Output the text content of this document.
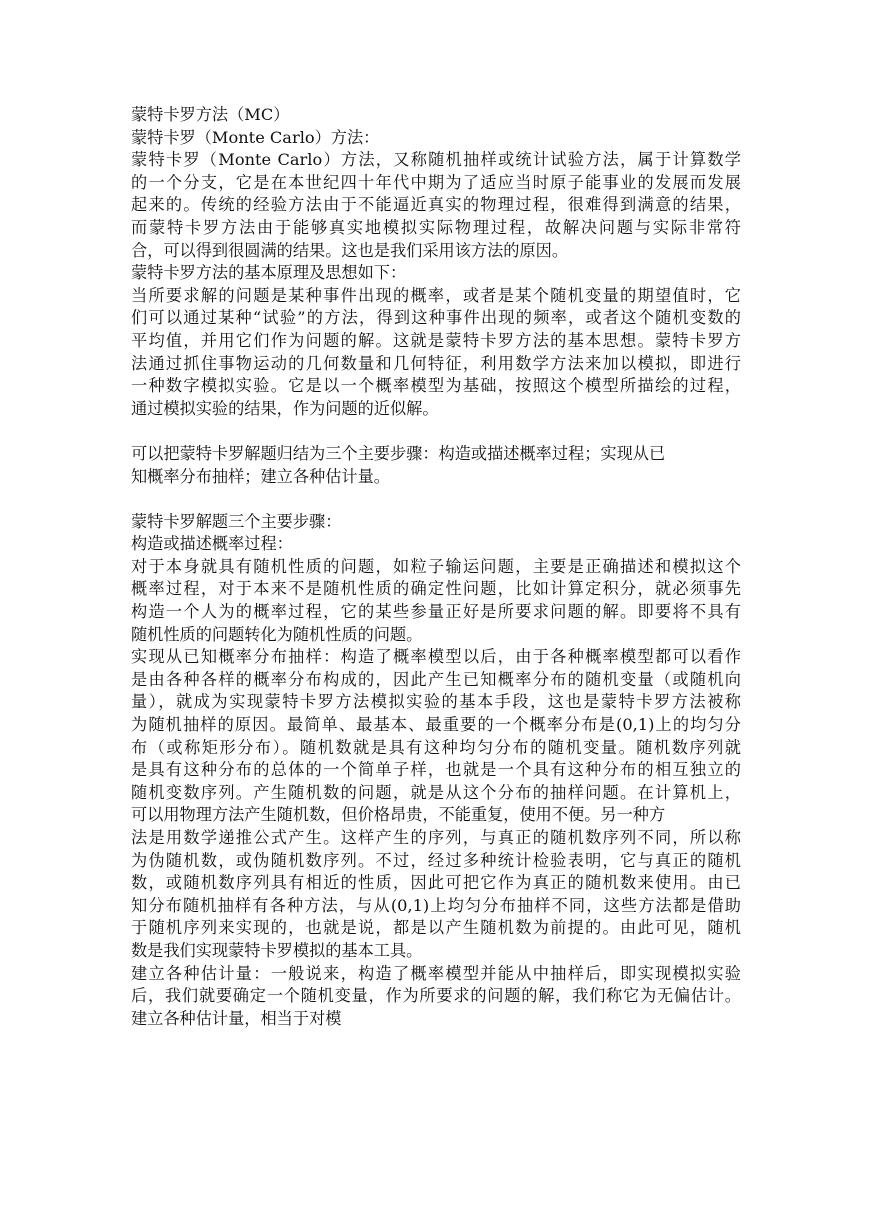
蒙特卡罗方法（MC）
蒙特卡罗（Monte Carlo）方法：
蒙特卡罗（Monte Carlo）方法，又称随机抽样或统计试验方法，属于计算数学
的一个分支，它是在本世纪四十年代中期为了适应当时原子能事业的发展而发展
起来的。传统的经验方法由于不能逼近真实的物理过程，很难得到满意的结果，
而蒙特卡罗方法由于能够真实地模拟实际物理过程，故解决问题与实际非常符
合，可以得到很圆满的结果。这也是我们采用该方法的原因。
蒙特卡罗方法的基本原理及思想如下：
当所要求解的问题是某种事件出现的概率，或者是某个随机变量的期望值时，它
们可以通过某种“试验”的方法，得到这种事件出现的频率，或者这个随机变数的
平均值，并用它们作为问题的解。这就是蒙特卡罗方法的基本思想。蒙特卡罗方
法通过抓住事物运动的几何数量和几何特征，利用数学方法来加以模拟，即进行
一种数字模拟实验。它是以一个概率模型为基础，按照这个模型所描绘的过程，
通过模拟实验的结果，作为问题的近似解。
可以把蒙特卡罗解题归结为三个主要步骤：构造或描述概率过程；实现从已
知概率分布抽样；建立各种估计量。
蒙特卡罗解题三个主要步骤：
构造或描述概率过程：
对于本身就具有随机性质的问题，如粒子输运问题，主要是正确描述和模拟这个
概率过程，对于本来不是随机性质的确定性问题，比如计算定积分，就必须事先
构造一个人为的概率过程，它的某些参量正好是所要求问题的解。即要将不具有
随机性质的问题转化为随机性质的问题。
实现从已知概率分布抽样：构造了概率模型以后，由于各种概率模型都可以看作
是由各种各样的概率分布构成的，因此产生已知概率分布的随机变量（或随机向
量），就成为实现蒙特卡罗方法模拟实验的基本手段，这也是蒙特卡罗方法被称
为随机抽样的原因。最简单、最基本、最重要的一个概率分布是(0,1)上的均匀分
布（或称矩形分布）。随机数就是具有这种均匀分布的随机变量。随机数序列就
是具有这种分布的总体的一个简单子样，也就是一个具有这种分布的相互独立的
随机变数序列。产生随机数的问题，就是从这个分布的抽样问题。在计算机上，
可以用物理方法产生随机数，但价格昂贵，不能重复，使用不便。另一种方
法是用数学递推公式产生。这样产生的序列，与真正的随机数序列不同，所以称
为伪随机数，或伪随机数序列。不过，经过多种统计检验表明，它与真正的随机
数，或随机数序列具有相近的性质，因此可把它作为真正的随机数来使用。由已
知分布随机抽样有各种方法，与从(0,1)上均匀分布抽样不同，这些方法都是借助
于随机序列来实现的，也就是说，都是以产生随机数为前提的。由此可见，随机
数是我们实现蒙特卡罗模拟的基本工具。
建立各种估计量：一般说来，构造了概率模型并能从中抽样后，即实现模拟实验
后，我们就要确定一个随机变量，作为所要求的问题的解，我们称它为无偏估计。
建立各种估计量，相当于对模
